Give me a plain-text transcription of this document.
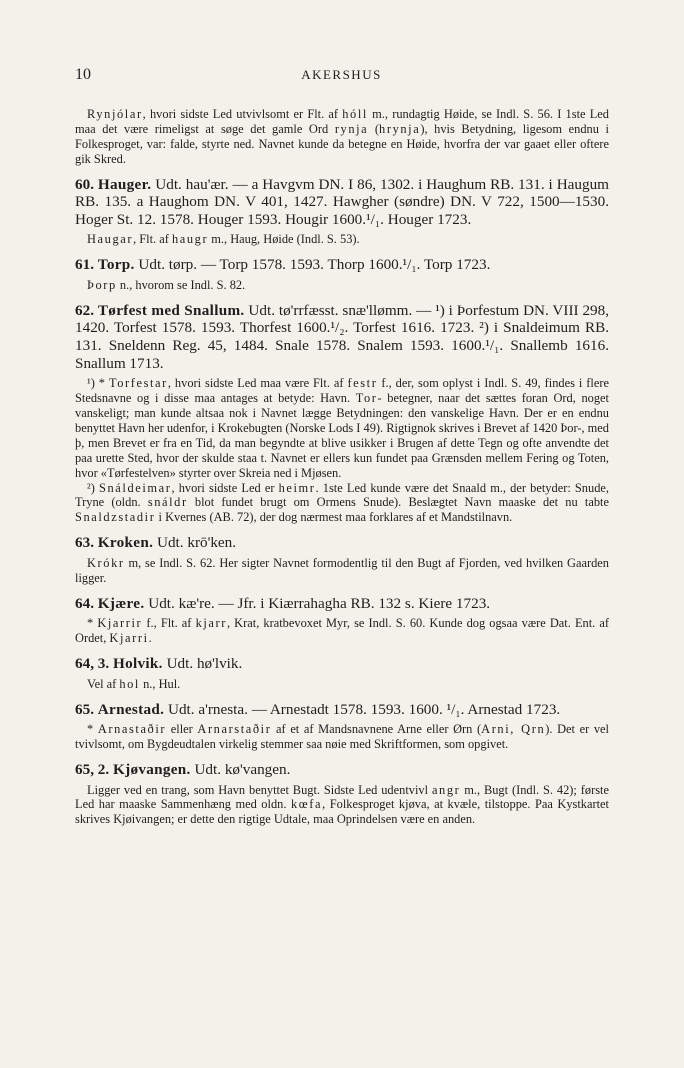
10	AKERSHUS

Rynjólar, hvori sidste Led utvivlsomt er Flt. af hóll m., rundagtig Høide, se Indl. S. 56. I 1ste Led maa det være rimeligst at søge det gamle Ord rynja (hrynja), hvis Betydning, ligesom endnu i Folkesproget, var: falde, styrte ned. Navnet kunde da betegne en Høide, hvorfra der var gaaet eller oftere gik Skred.

60. Hauger. Udt. hau'ær. — a Havgvm DN. I 86, 1302. i Haughum RB. 131. i Haugum RB. 135. a Haughom DN. V 401, 1427. Hawgher (søndre) DN. V 722, 1500—1530. Hoger St. 12. 1578. Houger 1593. Hougir 1600.¹/₁. Houger 1723.

Haugar, Flt. af haugr m., Haug, Høide (Indl. S. 53).

61. Torp. Udt. tørp. — Torp 1578. 1593. Thorp 1600.¹/₁. Torp 1723.

Þorp n., hvorom se Indl. S. 82.

62. Tørfest med Snallum. Udt. tø'rrfæsst. snæ'llømm. — ¹) i Þorfestum DN. VIII 298, 1420. Torfest 1578. 1593. Thorfest 1600.¹/₂. Torfest 1616. 1723. ²) i Snaldeimum RB. 131. Sneldenn Reg. 45, 1484. Snale 1578. Snalem 1593. 1600.¹/₁. Snallemb 1616. Snallum 1713.

¹) * Torfestar, hvori sidste Led maa være Flt. af festr f., der, som oplyst i Indl. S. 49, findes i flere Stedsnavne og i disse maa antages at betyde: Havn. Tor- betegner, naar det sættes foran Ord, noget vanskeligt; man kunde altsaa nok i Navnet lægge Betydningen: den vanskelige Havn. Der er en endnu benyttet Havn her udenfor, i Krokebugten (Norske Lods I 49). Rigtignok skrives i Brevet af 1420 Þor-, med þ, men Brevet er fra en Tid, da man begyndte at blive usikker i Brugen af dette Tegn og ofte anvendte det paa urette Sted, hvor der skulde staa t. Navnet er ellers kun fundet paa Grænsden mellem Fering og Toten, hvor «Tørfestelven» styrter over Skreia ned i Mjøsen.

²) Snáldeimar, hvori sidste Led er heimr. 1ste Led kunde være det Snaald m., der betyder: Snude, Tryne (oldn. snáldr blot fundet brugt om Ormens Snude). Beslægtet Navn maaske det nu tabte Snaldzstadir i Kvernes (AB. 72), der dog nærmest maa forklares af et Mandstilnavn.

63. Kroken. Udt. krō'ken.

Krókr m, se Indl. S. 62. Her sigter Navnet formodentlig til den Bugt af Fjorden, ved hvilken Gaarden ligger.

64. Kjære. Udt. kæ're. — Jfr. i Kiærrahagha RB. 132 s. Kiere 1723.

* Kjarrir f., Flt. af kjarr, Krat, kratbevoxet Myr, se Indl. S. 60. Kunde dog ogsaa være Dat. Ent. af Ordet, Kjarri.

64, 3. Holvik. Udt. hø'lvik.

Vel af hol n., Hul.

65. Arnestad. Udt. a'rnesta. — Arnestadt 1578. 1593. 1600. ¹/₁. Arnestad 1723.

* Arnastaðir eller Arnarstaðir af et af Mandsnavnene Arne eller Ørn (Arni, Qrn). Det er vel tvivlsomt, om Bygdeudtalen virkelig stemmer saa nøie med Skriftformen, som opgivet.

65, 2. Kjøvangen. Udt. kø'vangen.

Ligger ved en trang, som Havn benyttet Bugt. Sidste Led udentvivl angr m., Bugt (Indl. S. 42); første Led har maaske Sammenhæng med oldn. kœfa, Folkesproget kjøva, at kvæle, tilstoppe. Paa Kystkartet skrives Kjøivangen; er dette den rigtige Udtale, maa Oprindelsen være en anden.
